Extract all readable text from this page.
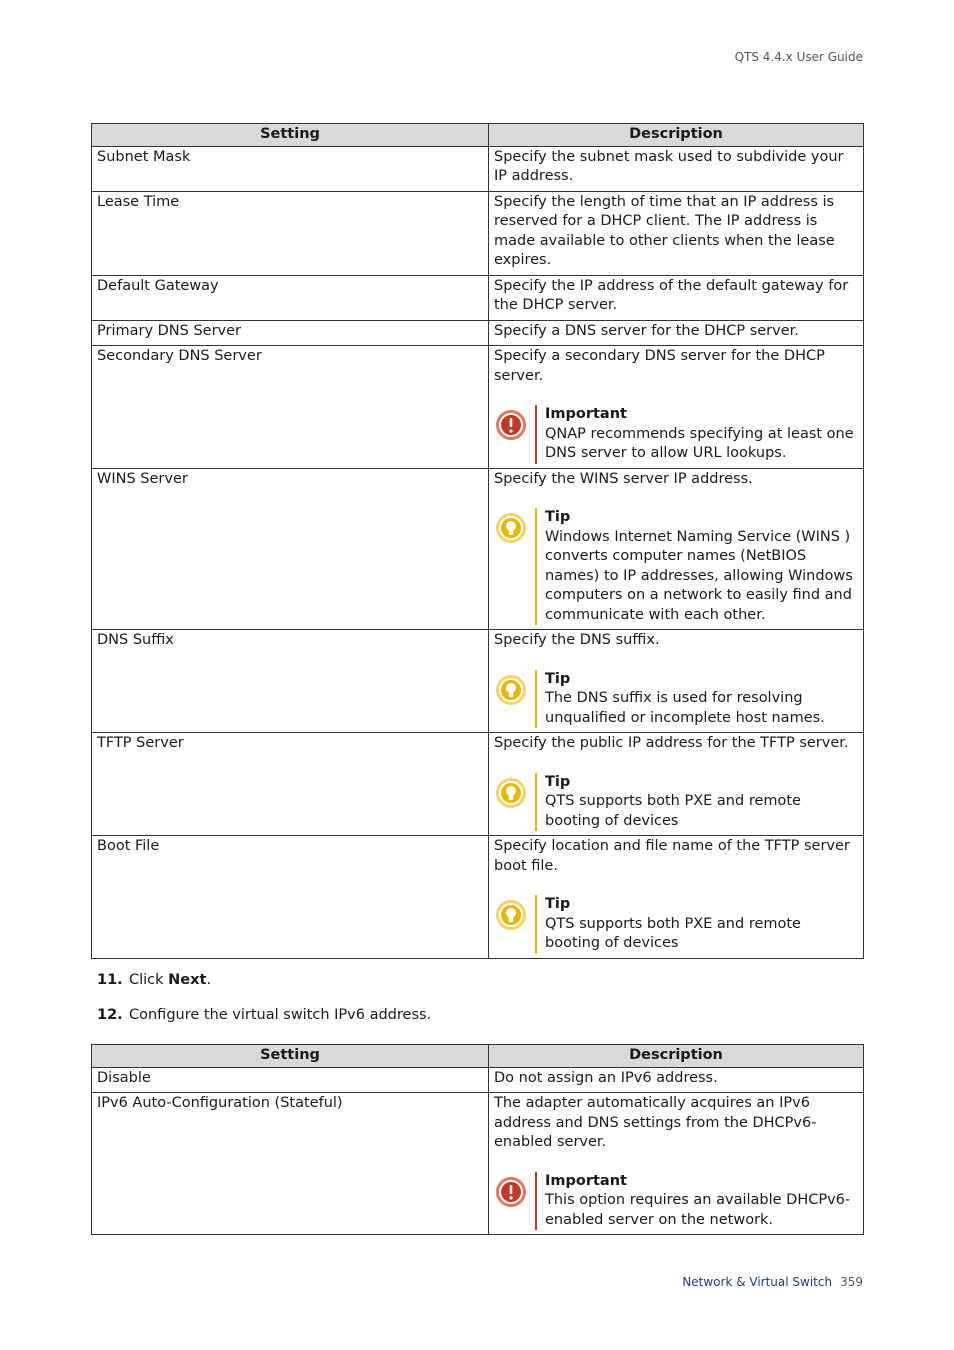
QTS 4.4.x User Guide
Setting	Description
Subnet Mask	Specify the subnet mask used to subdivide your IP address.

Lease Time	Specify the length of time that an IP address is reserved for a DHCP client. The IP address is made available to other clients when the lease expires.

Default Gateway	Specify the IP address of the default gateway for the DHCP server.

Primary DNS Server	Specify a DNS server for the DHCP server.

Secondary DNS Server	Specify a secondary DNS server for the DHCP server.

Important
QNAP recommends specifying at least one DNS server to allow URL lookups.

WINS Server	Specify the WINS server IP address.

Tip
Windows Internet Naming Service (WINS ) converts computer names (NetBIOS names) to IP addresses, allowing Windows computers on a network to easily find and communicate with each other.

DNS Suffix	Specify the DNS suffix.

Tip
The DNS suffix is used for resolving unqualified or incomplete host names.

TFTP Server	Specify the public IP address for the TFTP server.

Tip
QTS supports both PXE and remote booting of devices

Boot File	Specify location and file name of the TFTP server boot file.

Tip
QTS supports both PXE and remote booting of devices
11. Click Next.
12. Configure the virtual switch IPv6 address.
Setting	Description
Disable	Do not assign an IPv6 address.

IPv6 Auto-Configuration (Stateful)	The adapter automatically acquires an IPv6 address and DNS settings from the DHCPv6-enabled server.

Important
This option requires an available DHCPv6-enabled server on the network.
Network & Virtual Switch 359
